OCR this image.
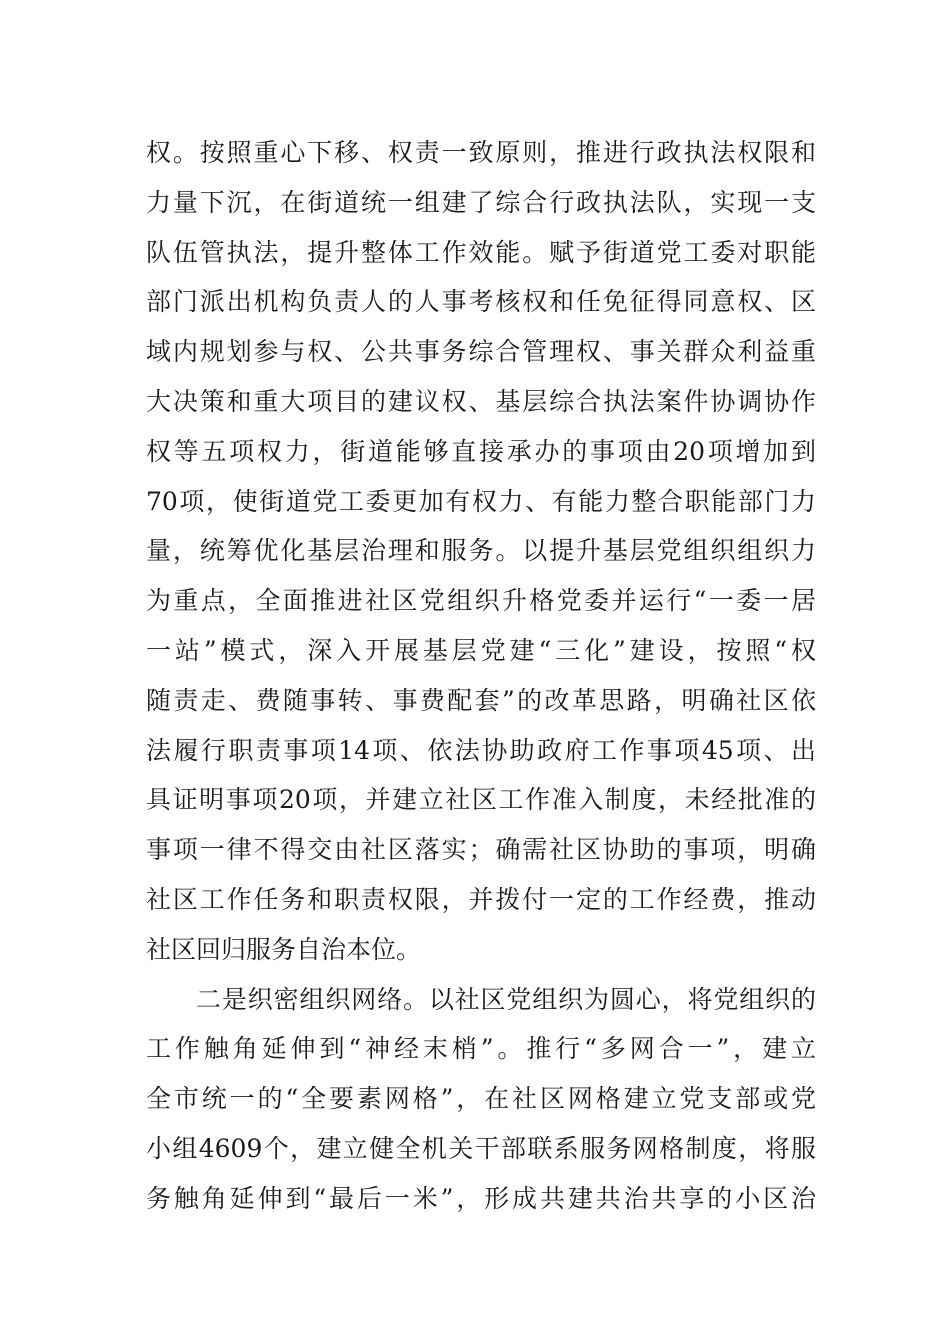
权。按照重心下移、权责一致原则，推进行政执法权限和
力量下沉，在街道统一组建了综合行政执法队，实现一支
队伍管执法，提升整体工作效能。赋予街道党工委对职能
部门派出机构负责人的人事考核权和任免征得同意权、区
域内规划参与权、公共事务综合管理权、事关群众利益重
大决策和重大项目的建议权、基层综合执法案件协调协作
权等五项权力，街道能够直接承办的事项由20项增加到
70项，使街道党工委更加有权力、有能力整合职能部门力
量，统筹优化基层治理和服务。以提升基层党组织组织力
为重点，全面推进社区党组织升格党委并运行“一委一居
一站”模式，深入开展基层党建“三化”建设，按照“权
随责走、费随事转、事费配套”的改革思路，明确社区依
法履行职责事项14项、依法协助政府工作事项45项、出
具证明事项20项，并建立社区工作准入制度，未经批准的
事项一律不得交由社区落实；确需社区协助的事项，明确
社区工作任务和职责权限，并拨付一定的工作经费，推动
社区回归服务自治本位。
二是织密组织网络。以社区党组织为圆心，将党组织的
工作触角延伸到“神经末梢”。推行“多网合一”，建立
全市统一的“全要素网格”，在社区网格建立党支部或党
小组4609个，建立健全机关干部联系服务网格制度，将服
务触角延伸到“最后一米”，形成共建共治共享的小区治
